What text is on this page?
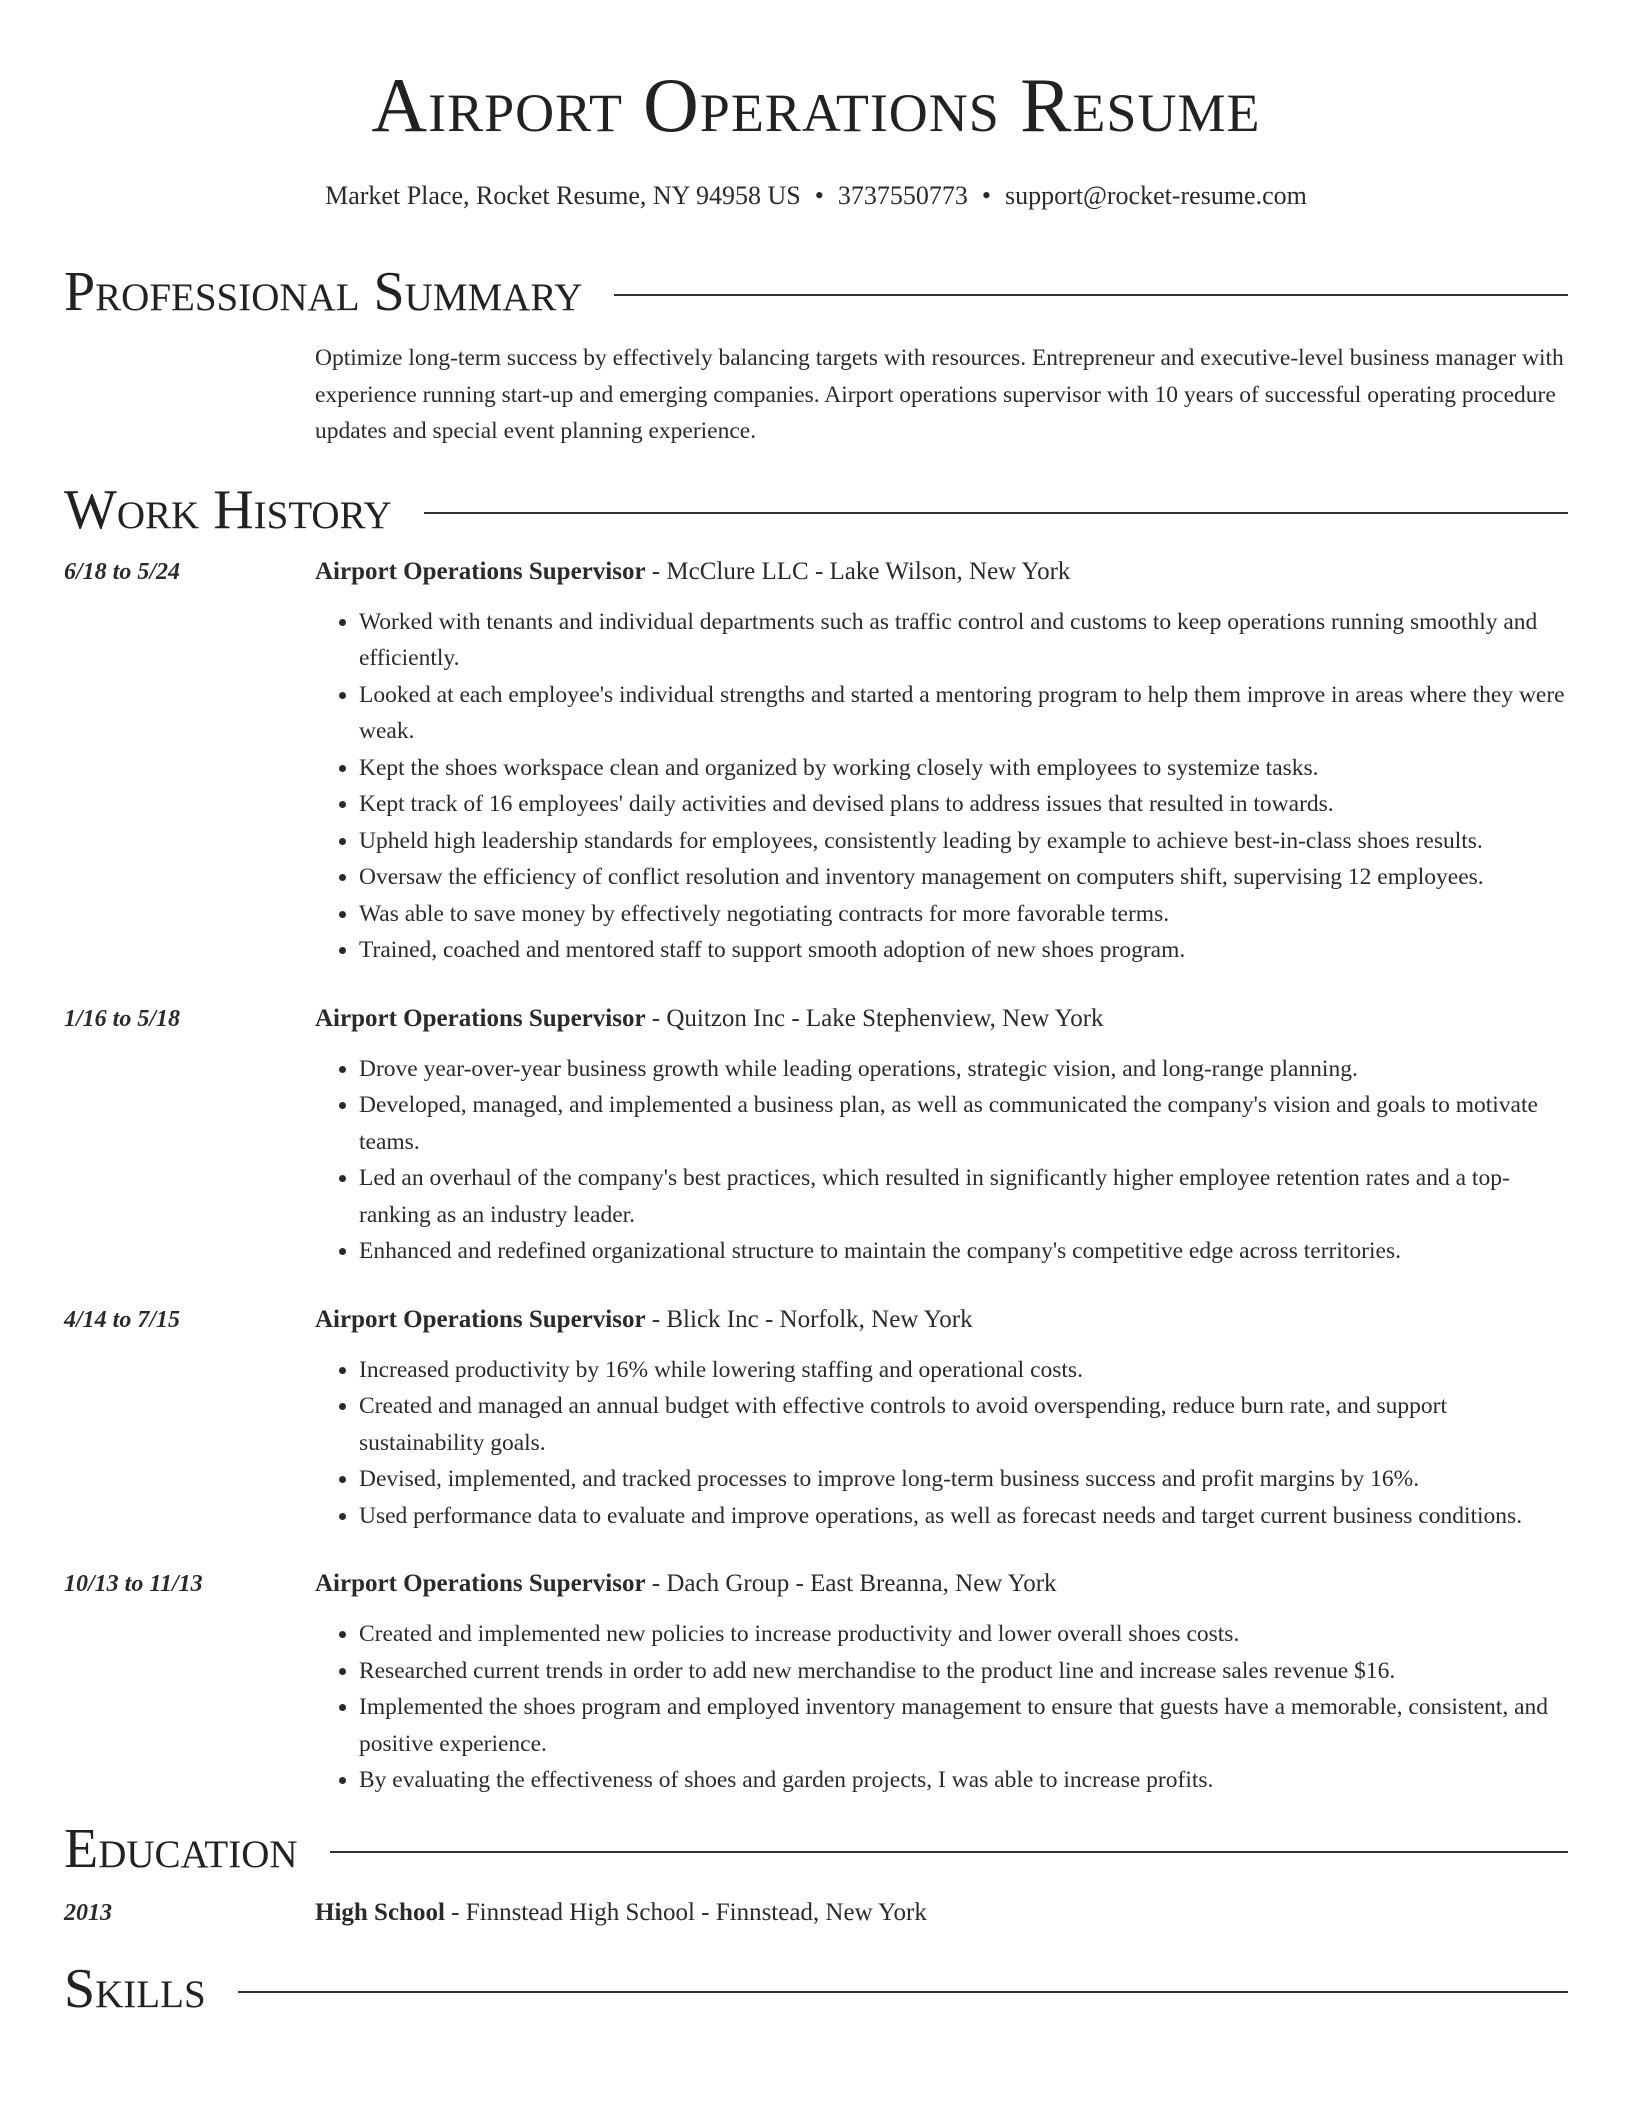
Airport Operations Resume
Market Place, Rocket Resume, NY 94958 US • 3737550773 • support@rocket-resume.com
Professional Summary
Optimize long-term success by effectively balancing targets with resources. Entrepreneur and executive-level business manager with experience running start-up and emerging companies. Airport operations supervisor with 10 years of successful operating procedure updates and special event planning experience.
Work History
6/18 to 5/24	Airport Operations Supervisor - McClure LLC - Lake Wilson, New York
• Worked with tenants and individual departments such as traffic control and customs to keep operations running smoothly and efficiently.
• Looked at each employee's individual strengths and started a mentoring program to help them improve in areas where they were weak.
• Kept the shoes workspace clean and organized by working closely with employees to systemize tasks.
• Kept track of 16 employees' daily activities and devised plans to address issues that resulted in towards.
• Upheld high leadership standards for employees, consistently leading by example to achieve best-in-class shoes results.
• Oversaw the efficiency of conflict resolution and inventory management on computers shift, supervising 12 employees.
• Was able to save money by effectively negotiating contracts for more favorable terms.
• Trained, coached and mentored staff to support smooth adoption of new shoes program.
1/16 to 5/18	Airport Operations Supervisor - Quitzon Inc - Lake Stephenview, New York
• Drove year-over-year business growth while leading operations, strategic vision, and long-range planning.
• Developed, managed, and implemented a business plan, as well as communicated the company's vision and goals to motivate teams.
• Led an overhaul of the company's best practices, which resulted in significantly higher employee retention rates and a top-ranking as an industry leader.
• Enhanced and redefined organizational structure to maintain the company's competitive edge across territories.
4/14 to 7/15	Airport Operations Supervisor - Blick Inc - Norfolk, New York
• Increased productivity by 16% while lowering staffing and operational costs.
• Created and managed an annual budget with effective controls to avoid overspending, reduce burn rate, and support sustainability goals.
• Devised, implemented, and tracked processes to improve long-term business success and profit margins by 16%.
• Used performance data to evaluate and improve operations, as well as forecast needs and target current business conditions.
10/13 to 11/13	Airport Operations Supervisor - Dach Group - East Breanna, New York
• Created and implemented new policies to increase productivity and lower overall shoes costs.
• Researched current trends in order to add new merchandise to the product line and increase sales revenue $16.
• Implemented the shoes program and employed inventory management to ensure that guests have a memorable, consistent, and positive experience.
• By evaluating the effectiveness of shoes and garden projects, I was able to increase profits.
Education
2013	High School - Finnstead High School - Finnstead, New York
Skills
